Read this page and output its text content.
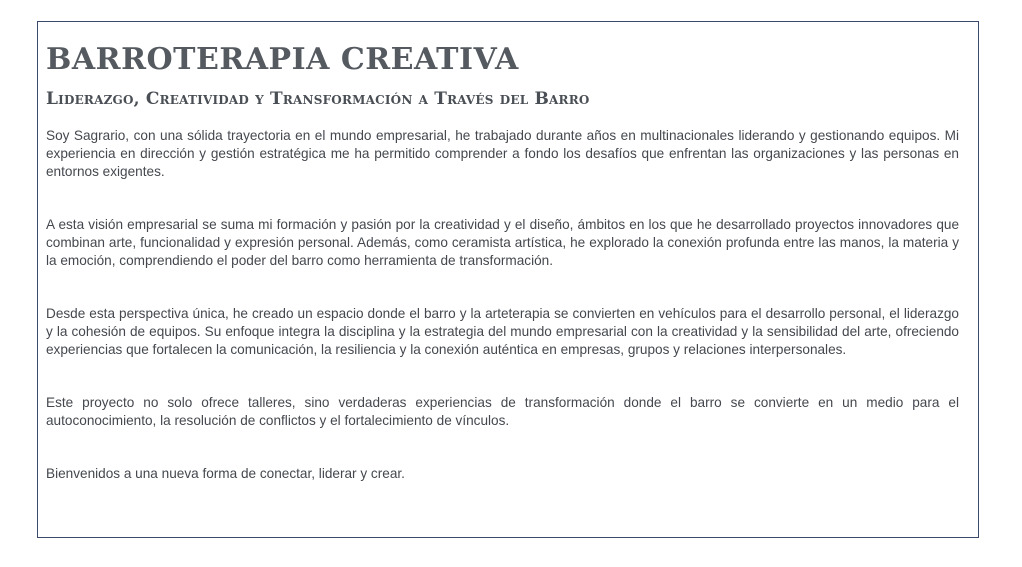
BARROTERAPIA CREATIVA
Liderazgo, Creatividad y Transformación a Través del Barro

Soy Sagrario, con una sólida trayectoria en el mundo empresarial, he trabajado durante años en multinacionales liderando y gestionando equipos. Mi experiencia en dirección y gestión estratégica me ha permitido comprender a fondo los desafíos que enfrentan las organizaciones y las personas en entornos exigentes.

A esta visión empresarial se suma mi formación y pasión por la creatividad y el diseño, ámbitos en los que he desarrollado proyectos innovadores que combinan arte, funcionalidad y expresión personal. Además, como ceramista artística, he explorado la conexión profunda entre las manos, la materia y la emoción, comprendiendo el poder del barro como herramienta de transformación.

Desde esta perspectiva única, he creado un espacio donde el barro y la arteterapia se convierten en vehículos para el desarrollo personal, el liderazgo y la cohesión de equipos. Su enfoque integra la disciplina y la estrategia del mundo empresarial con la creatividad y la sensibilidad del arte, ofreciendo experiencias que fortalecen la comunicación, la resiliencia y la conexión auténtica en empresas, grupos y relaciones interpersonales.

Este proyecto no solo ofrece talleres, sino verdaderas experiencias de transformación donde el barro se convierte en un medio para el autoconocimiento, la resolución de conflictos y el fortalecimiento de vínculos.

Bienvenidos a una nueva forma de conectar, liderar y crear.
